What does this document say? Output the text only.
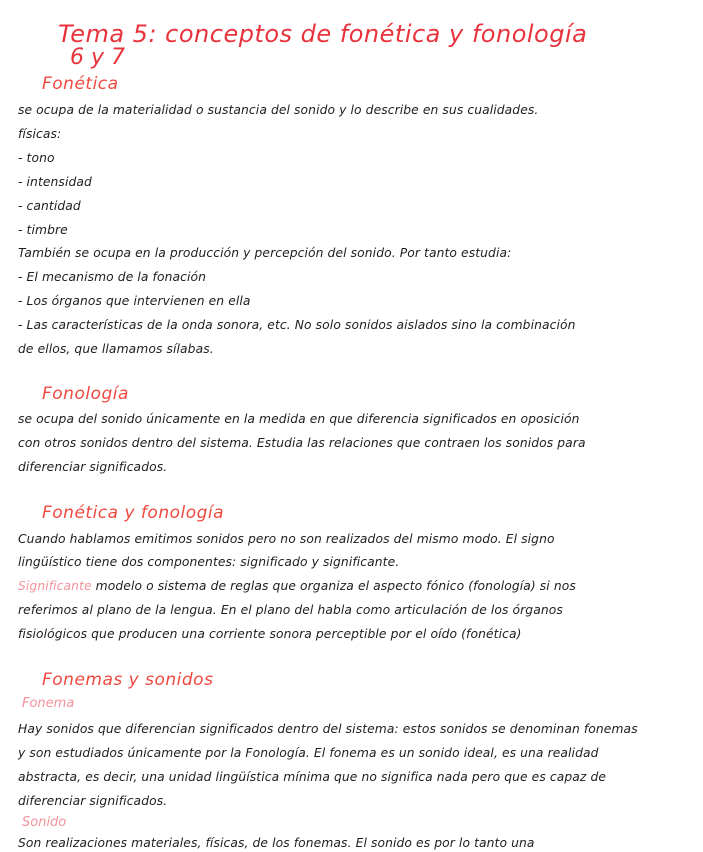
Tema 5: conceptos de fonética y fonología
6 y 7
Fonética

se ocupa de la materialidad o sustancia del sonido y lo describe en sus cualidades.

físicas:

- tono

- intensidad

- cantidad

- timbre

También se ocupa en la producción y percepción del sonido. Por tanto estudia:

- El mecanismo de la fonación

- Los órganos que intervienen en ella

- Las características de la onda sonora, etc. No solo sonidos aislados sino la combinación

de ellos, que llamamos sílabas.

Fonología

se ocupa del sonido únicamente en la medida en que diferencia significados en oposición

con otros sonidos dentro del sistema. Estudia las relaciones que contraen los sonidos para

diferenciar significados.

Fonética y fonología

Cuando hablamos emitimos sonidos pero no son realizados del mismo modo. El signo

lingüístico tiene dos componentes: significado y significante.

Significante modelo o sistema de reglas que organiza el aspecto fónico (fonología) si nos

referimos al plano de la lengua. En el plano del habla como articulación de los órganos

fisiológicos que producen una corriente sonora perceptible por el oído (fonética)

Fonemas y sonidos
Fonema

Hay sonidos que diferencian significados dentro del sistema: estos sonidos se denominan fonemas

y son estudiados únicamente por la Fonología. El fonema es un sonido ideal, es una realidad

abstracta, es decir, una unidad lingüística mínima que no significa nada pero que es capaz de

diferenciar significados.

Sonido

Son realizaciones materiales, físicas, de los fonemas. El sonido es por lo tanto una
